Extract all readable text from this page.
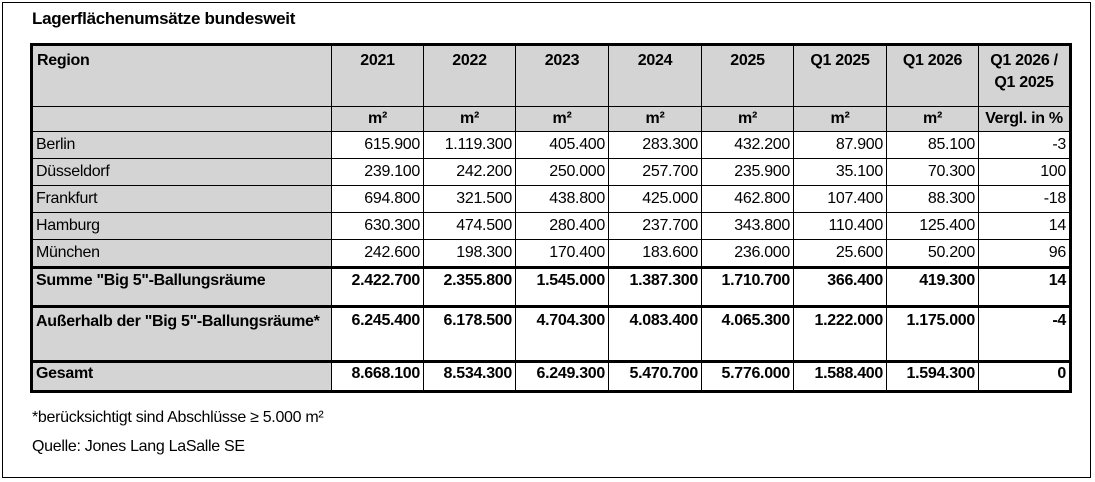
Lagerflächenumsätze bundesweit
Region	2021	2022	2023	2024	2025	Q1 2025	Q1 2026	Q1 2026 / Q1 2025
	m²	m²	m²	m²	m²	m²	m²	Vergl. in %
Berlin	615.900	1.119.300	405.400	283.300	432.200	87.900	85.100	-3
Düsseldorf	239.100	242.200	250.000	257.700	235.900	35.100	70.300	100
Frankfurt	694.800	321.500	438.800	425.000	462.800	107.400	88.300	-18
Hamburg	630.300	474.500	280.400	237.700	343.800	110.400	125.400	14
München	242.600	198.300	170.400	183.600	236.000	25.600	50.200	96
Summe "Big 5"-Ballungsräume	2.422.700	2.355.800	1.545.000	1.387.300	1.710.700	366.400	419.300	14
Außerhalb der "Big 5"-Ballungsräume*	6.245.400	6.178.500	4.704.300	4.083.400	4.065.300	1.222.000	1.175.000	-4
Gesamt	8.668.100	8.534.300	6.249.300	5.470.700	5.776.000	1.588.400	1.594.300	0
*berücksichtigt sind Abschlüsse ≥ 5.000 m²
Quelle: Jones Lang LaSalle SE
